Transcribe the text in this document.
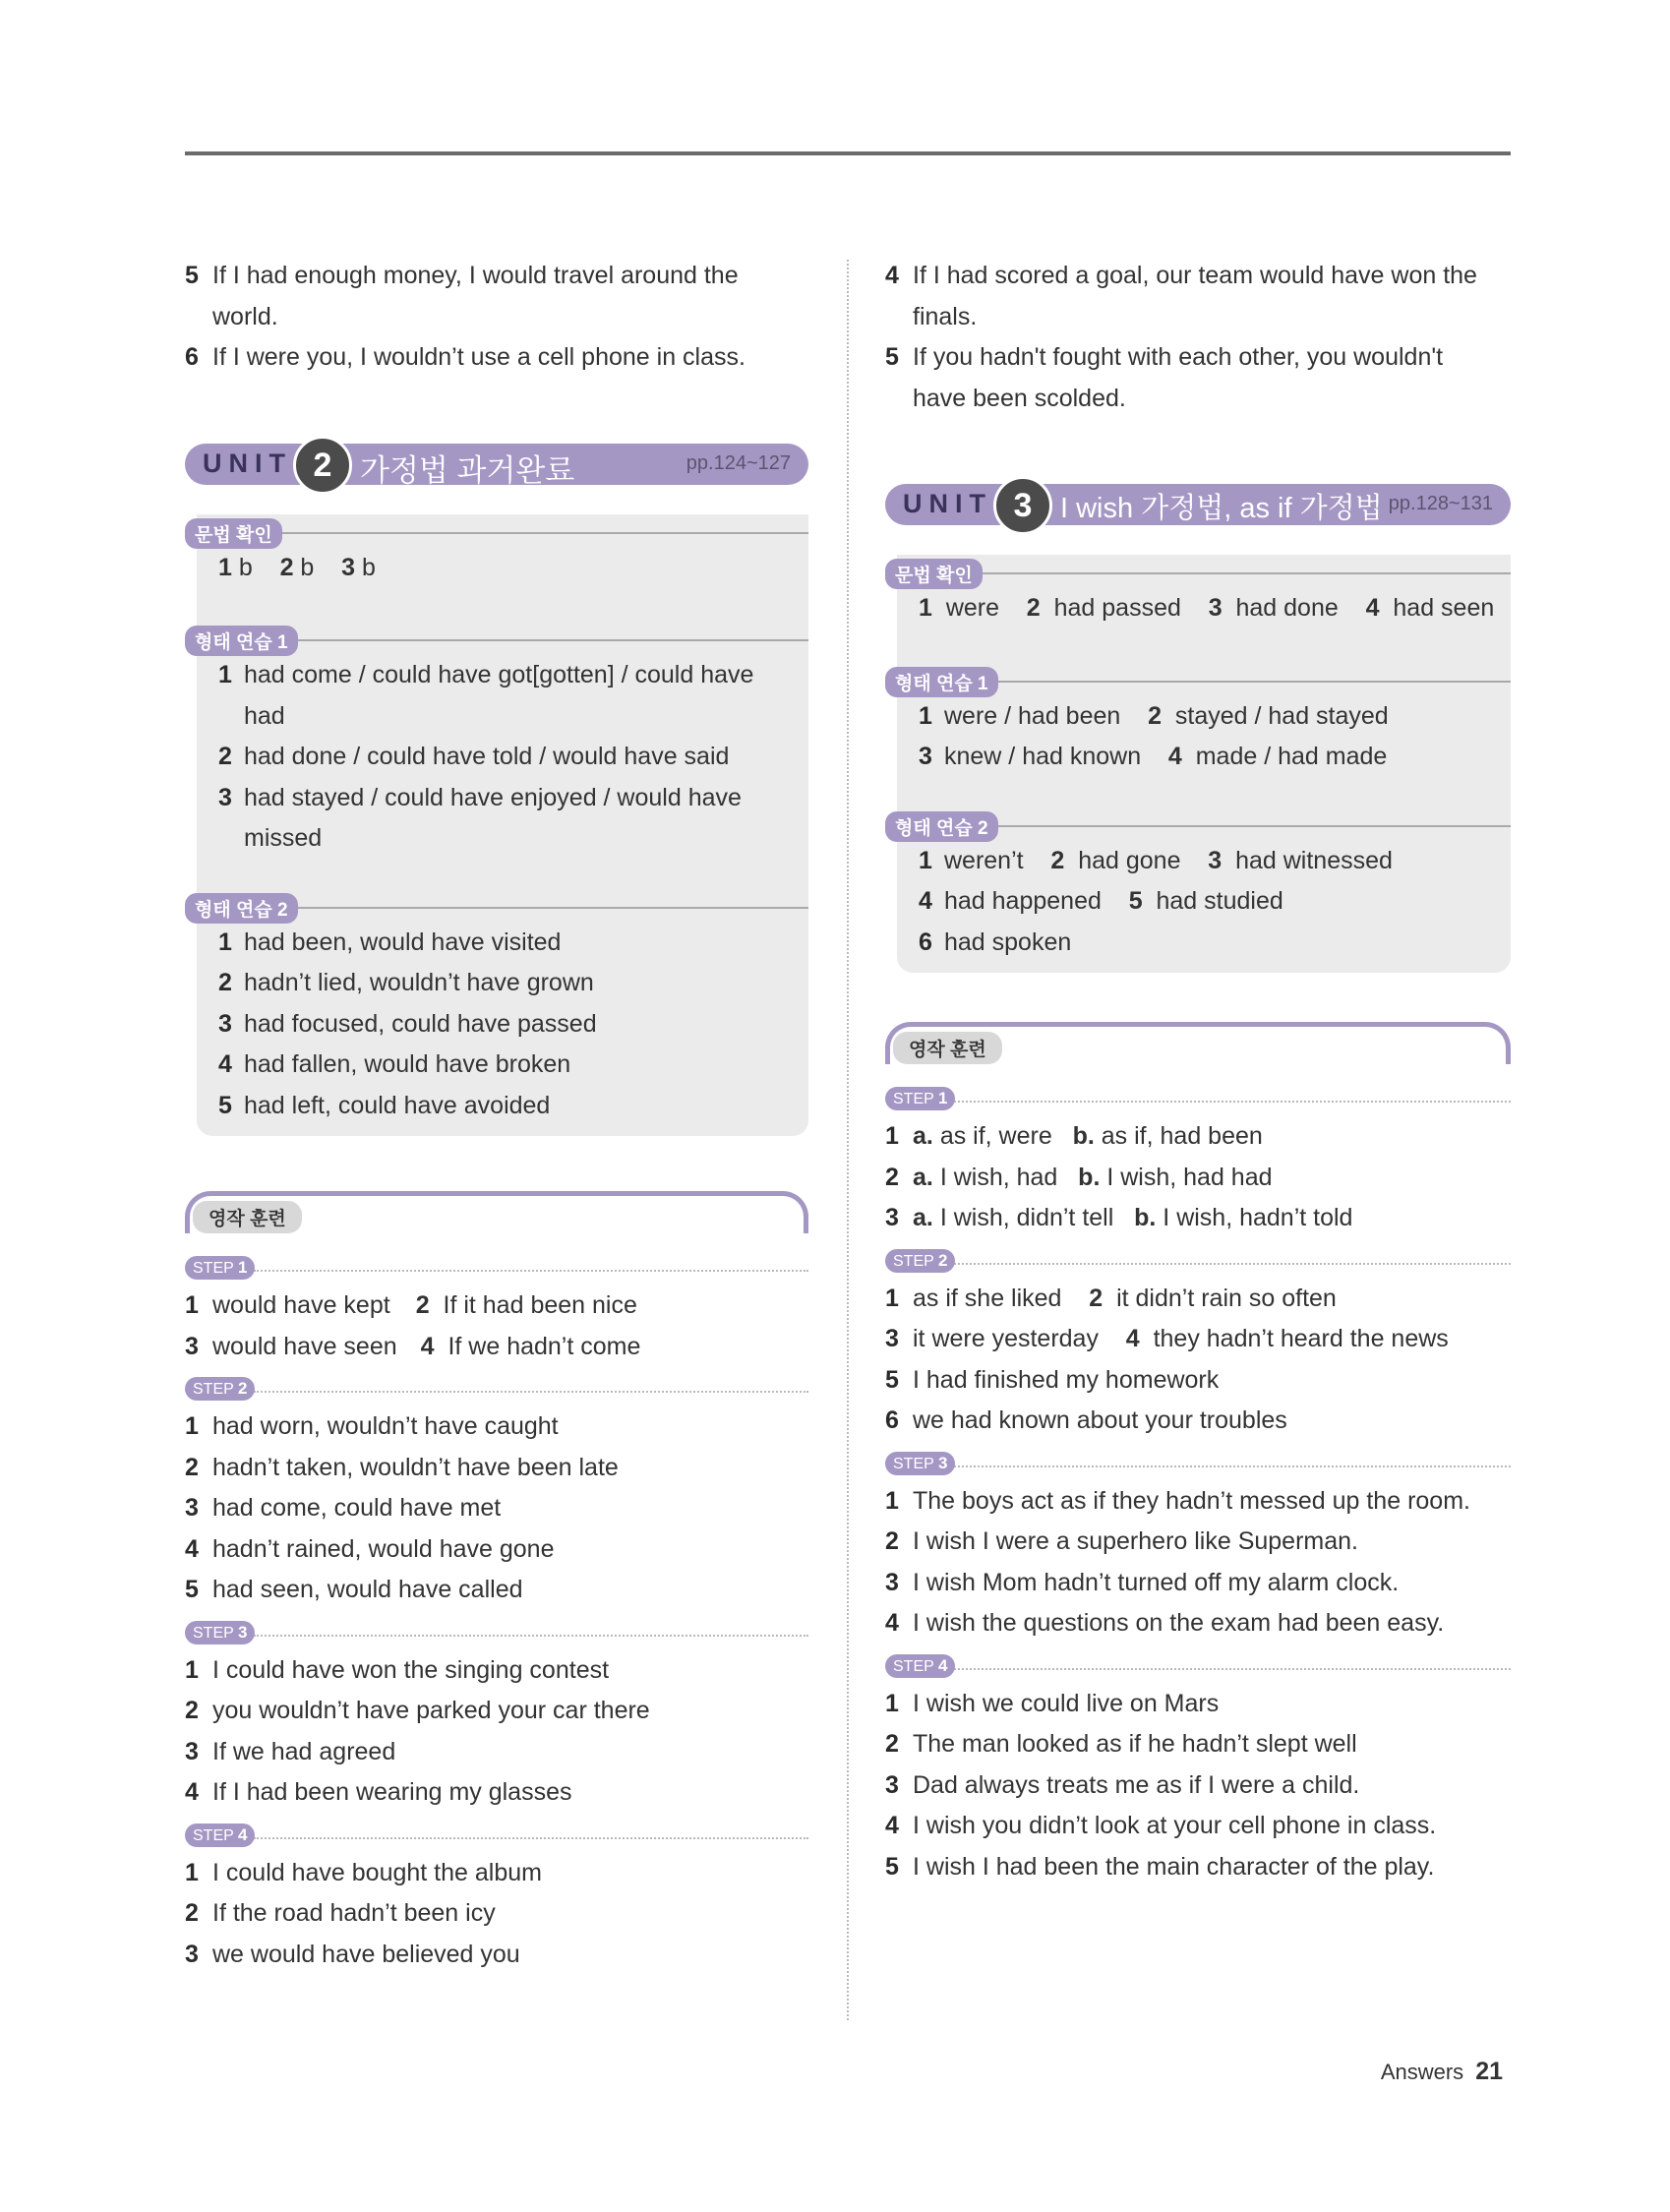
5 If I had enough money, I would travel around the
world.
6 If I were you, I wouldn’t use a cell phone in class.
UNIT 2 가정법 과거완료	pp.124~127
문법 확인
1 b 2 b 3 b
형태 연습 1
1 had come / could have got[gotten] / could have
had
2 had done / could have told / would have said
3 had stayed / could have enjoyed / would have
missed
형태 연습 2
1 had been, would have visited
2 hadn’t lied, wouldn’t have grown
3 had focused, could have passed
4 had fallen, would have broken
5 had left, could have avoided
영작 훈련
STEP 1
1 would have kept 2 If it had been nice
3 would have seen 4 If we hadn’t come
STEP 2
1 had worn, wouldn’t have caught
2 hadn’t taken, wouldn’t have been late
3 had come, could have met
4 hadn’t rained, would have gone
5 had seen, would have called
STEP 3
1 I could have won the singing contest
2 you wouldn’t have parked your car there
3 If we had agreed
4 If I had been wearing my glasses
STEP 4
1 I could have bought the album
2 If the road hadn’t been icy
3 we would have believed you
4 If I had scored a goal, our team would have won the
finals.
5 If you hadn't fought with each other, you wouldn't
have been scolded.
UNIT 3 I wish 가정법, as if 가정법 pp.128~131
문법 확인
1 were 2 had passed 3 had done 4 had seen
형태 연습 1
1 were / had been 2 stayed / had stayed
3 knew / had known 4 made / had made
형태 연습 2
1 weren’t 2 had gone 3 had witnessed
4 had happened 5 had studied
6 had spoken
영작 훈련
STEP 1
1 a. as if, were b. as if, had been
2 a. I wish, had b. I wish, had had
3 a. I wish, didn’t tell b. I wish, hadn’t told
STEP 2
1 as if she liked 2 it didn’t rain so often
3 it were yesterday 4 they hadn’t heard the news
5 I had finished my homework
6 we had known about your troubles
STEP 3
1 The boys act as if they hadn’t messed up the room.
2 I wish I were a superhero like Superman.
3 I wish Mom hadn’t turned off my alarm clock.
4 I wish the questions on the exam had been easy.
STEP 4
1 I wish we could live on Mars
2 The man looked as if he hadn’t slept well
3 Dad always treats me as if I were a child.
4 I wish you didn’t look at your cell phone in class.
5 I wish I had been the main character of the play.
Answers 21
